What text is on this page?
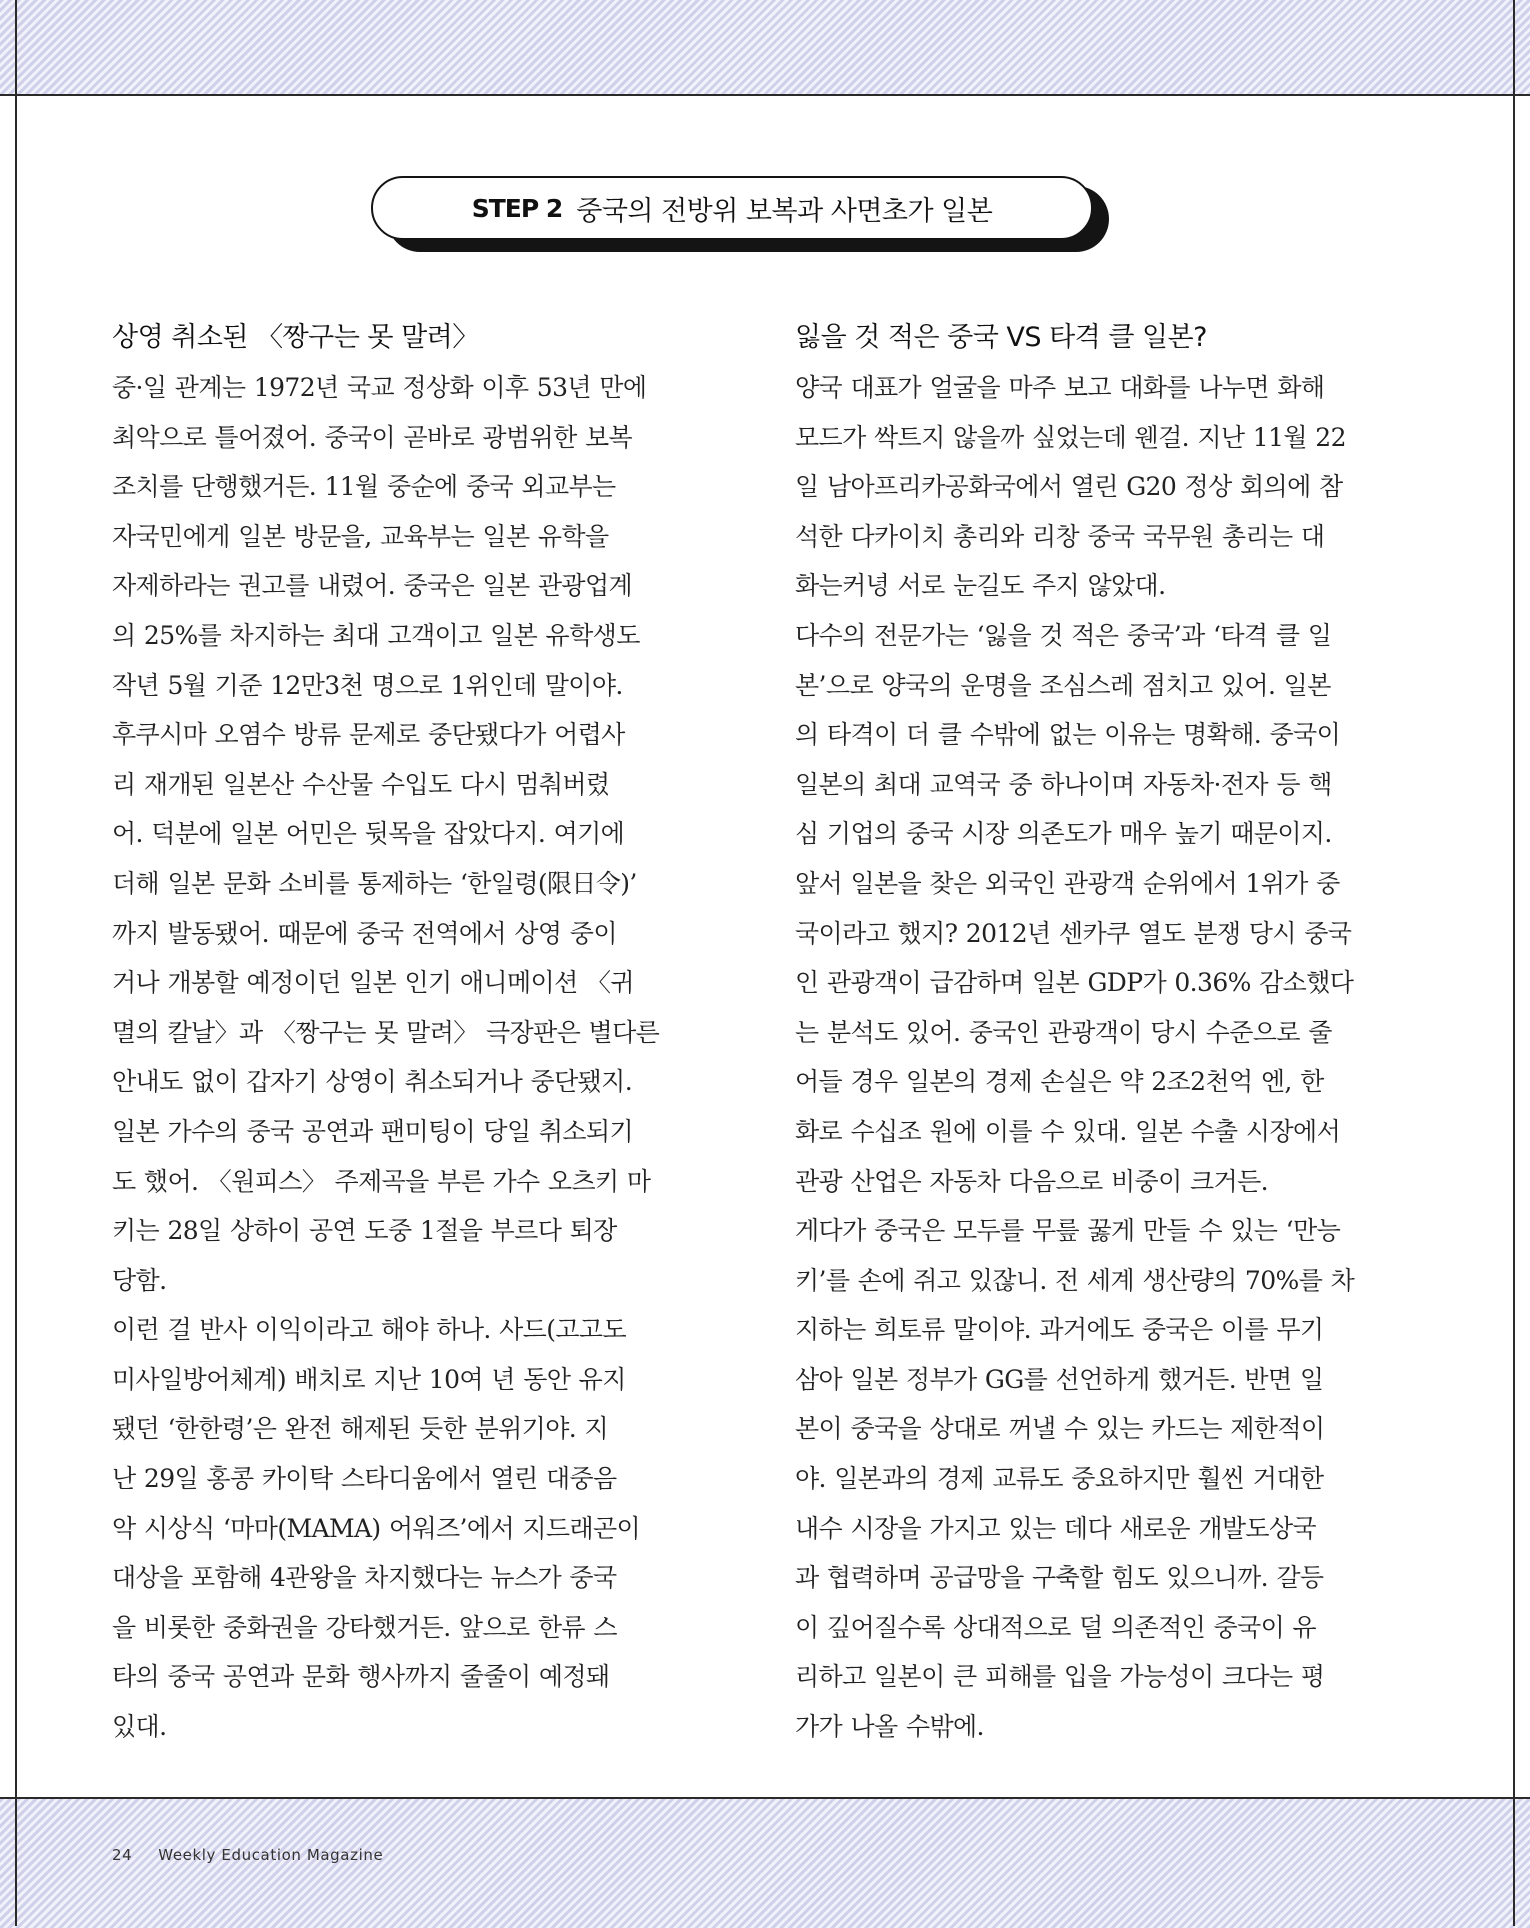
STEP 2 중국의 전방위 보복과 사면초가 일본
상영 취소된 〈짱구는 못 말려〉

중·일 관계는 1972년 국교 정상화 이후 53년 만에
최악으로 틀어졌어. 중국이 곧바로 광범위한 보복
조치를 단행했거든. 11월 중순에 중국 외교부는
자국민에게 일본 방문을, 교육부는 일본 유학을
자제하라는 권고를 내렸어. 중국은 일본 관광업계
의 25%를 차지하는 최대 고객이고 일본 유학생도
작년 5월 기준 12만3천 명으로 1위인데 말이야.

후쿠시마 오염수 방류 문제로 중단됐다가 어렵사
리 재개된 일본산 수산물 수입도 다시 멈춰버렸
어. 덕분에 일본 어민은 뒷목을 잡았다지. 여기에
더해 일본 문화 소비를 통제하는 ‘한일령(限日令)’
까지 발동됐어. 때문에 중국 전역에서 상영 중이
거나 개봉할 예정이던 일본 인기 애니메이션 〈귀
멸의 칼날〉과 〈짱구는 못 말려〉 극장판은 별다른
안내도 없이 갑자기 상영이 취소되거나 중단됐지.
일본 가수의 중국 공연과 팬미팅이 당일 취소되기
도 했어. 〈원피스〉 주제곡을 부른 가수 오츠키 마
키는 28일 상하이 공연 도중 1절을 부르다 퇴장
당함.

이런 걸 반사 이익이라고 해야 하나. 사드(고고도
미사일방어체계) 배치로 지난 10여 년 동안 유지
됐던 ‘한한령’은 완전 해제된 듯한 분위기야. 지
난 29일 홍콩 카이탁 스타디움에서 열린 대중음
악 시상식 ‘마마(MAMA) 어워즈’에서 지드래곤이
대상을 포함해 4관왕을 차지했다는 뉴스가 중국
을 비롯한 중화권을 강타했거든. 앞으로 한류 스
타의 중국 공연과 문화 행사까지 줄줄이 예정돼
있대.

잃을 것 적은 중국 VS 타격 클 일본?

양국 대표가 얼굴을 마주 보고 대화를 나누면 화해
모드가 싹트지 않을까 싶었는데 웬걸. 지난 11월 22
일 남아프리카공화국에서 열린 G20 정상 회의에 참
석한 다카이치 총리와 리창 중국 국무원 총리는 대
화는커녕 서로 눈길도 주지 않았대.

다수의 전문가는 ‘잃을 것 적은 중국’과 ‘타격 클 일
본’으로 양국의 운명을 조심스레 점치고 있어. 일본
의 타격이 더 클 수밖에 없는 이유는 명확해. 중국이
일본의 최대 교역국 중 하나이며 자동차·전자 등 핵
심 기업의 중국 시장 의존도가 매우 높기 때문이지.

앞서 일본을 찾은 외국인 관광객 순위에서 1위가 중
국이라고 했지? 2012년 센카쿠 열도 분쟁 당시 중국
인 관광객이 급감하며 일본 GDP가 0.36% 감소했다
는 분석도 있어. 중국인 관광객이 당시 수준으로 줄
어들 경우 일본의 경제 손실은 약 2조2천억 엔, 한
화로 수십조 원에 이를 수 있대. 일본 수출 시장에서
관광 산업은 자동차 다음으로 비중이 크거든.

게다가 중국은 모두를 무릎 꿇게 만들 수 있는 ‘만능
키’를 손에 쥐고 있잖니. 전 세계 생산량의 70%를 차
지하는 희토류 말이야. 과거에도 중국은 이를 무기
삼아 일본 정부가 GG를 선언하게 했거든. 반면 일
본이 중국을 상대로 꺼낼 수 있는 카드는 제한적이
야. 일본과의 경제 교류도 중요하지만 훨씬 거대한
내수 시장을 가지고 있는 데다 새로운 개발도상국
과 협력하며 공급망을 구축할 힘도 있으니까. 갈등
이 깊어질수록 상대적으로 덜 의존적인 중국이 유
리하고 일본이 큰 피해를 입을 가능성이 크다는 평
가가 나올 수밖에.

24 Weekly Education Magazine
